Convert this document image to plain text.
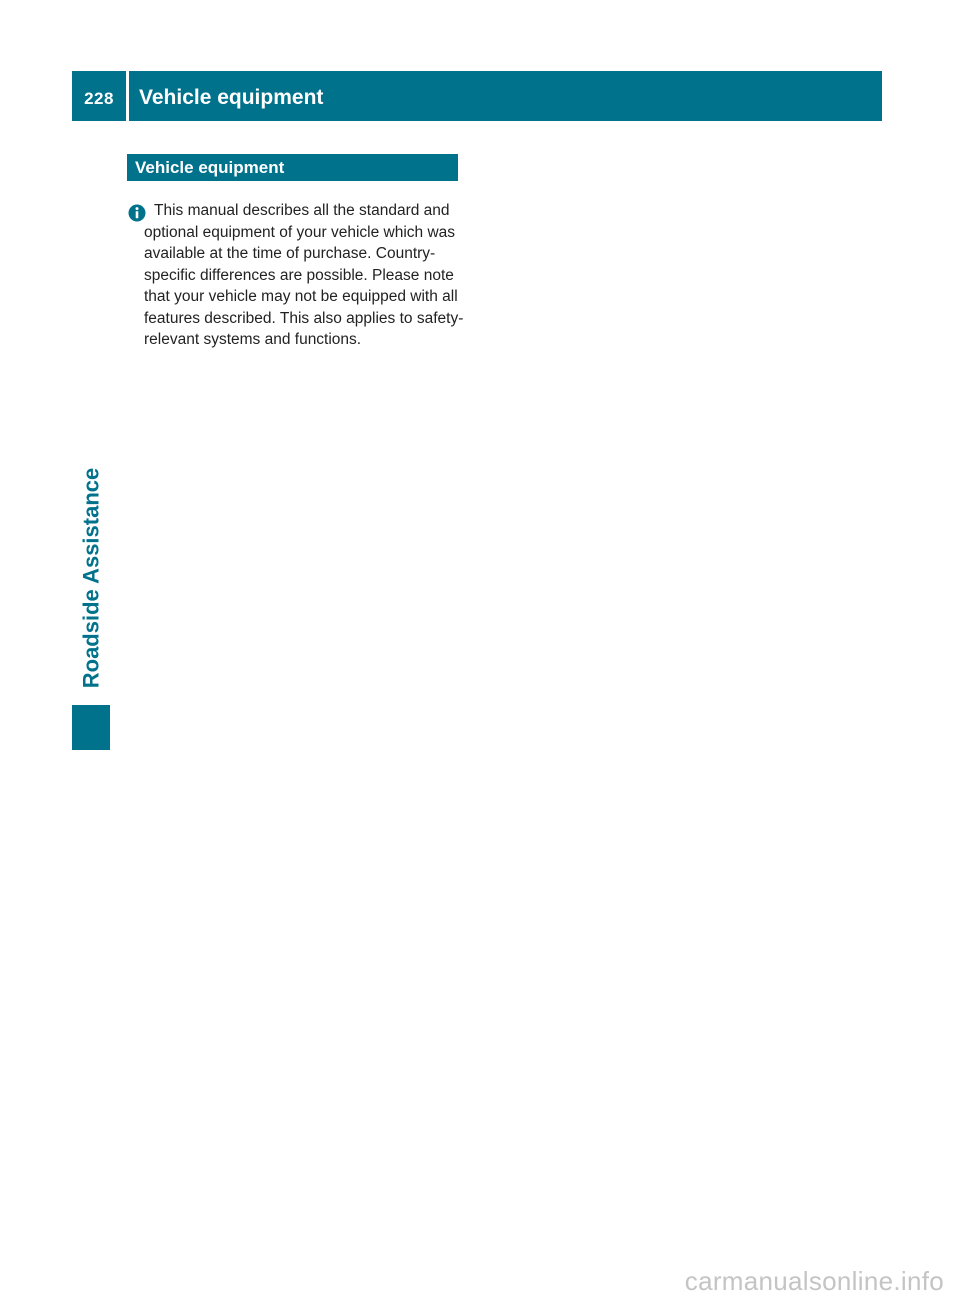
228	Vehicle equipment
Vehicle equipment
This manual describes all the standard and optional equipment of your vehicle which was available at the time of purchase. Country-specific differences are possible. Please note that your vehicle may not be equipped with all features described. This also applies to safety-relevant systems and functions.
Roadside Assistance
carmanualsonline.info
